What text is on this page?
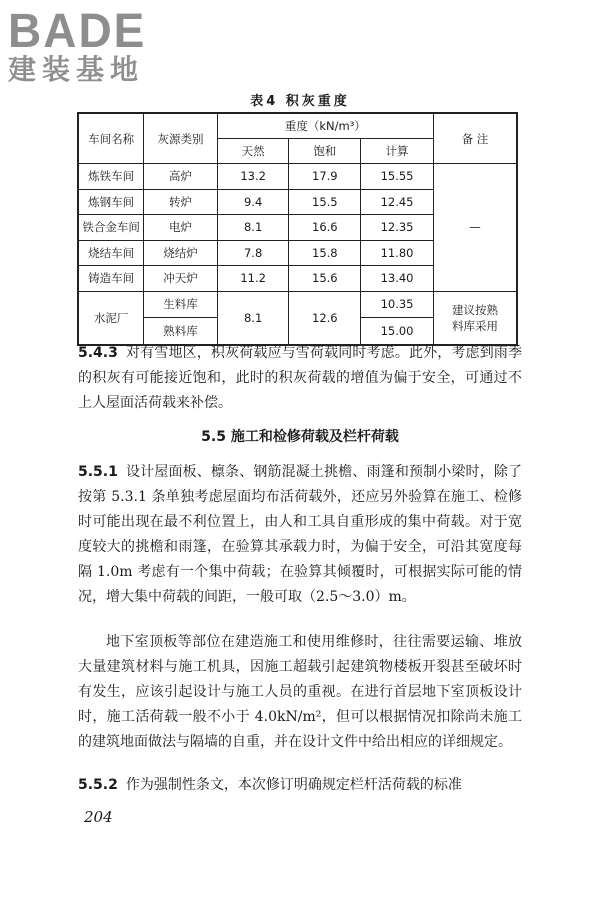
BADE
建装基地
表4 积灰重度
车间名称	灰源类别	重度（kN/m³）			备 注
		天然	饱和	计算	
炼铁车间	高炉	13.2	17.9	15.55	—
炼钢车间	转炉	9.4	15.5	12.45	
铁合金车间	电炉	8.1	16.6	12.35	
烧结车间	烧结炉	7.8	15.8	11.80	
铸造车间	冲天炉	11.2	15.6	13.40	
水泥厂	生料库	8.1	12.6	10.35	建议按熟
料库采用

	熟料库			15.00	

5.4.3 对有雪地区，积灰荷载应与雪荷载同时考虑。此外，考虑到雨季的积灰有可能接近饱和，此时的积灰荷载的增值为偏于安全，可通过不上人屋面活荷载来补偿。

5.5 施工和检修荷载及栏杆荷载

5.5.1 设计屋面板、檩条、钢筋混凝土挑檐、雨篷和预制小梁时，除了按第 5.3.1 条单独考虑屋面均布活荷载外，还应另外验算在施工、检修时可能出现在最不利位置上，由人和工具自重形成的集中荷载。对于宽度较大的挑檐和雨篷，在验算其承载力时，为偏于安全，可沿其宽度每隔 1.0m 考虑有一个集中荷载；在验算其倾覆时，可根据实际可能的情况，增大集中荷载的间距，一般可取（2.5～3.0）m。

地下室顶板等部位在建造施工和使用维修时，往往需要运输、堆放大量建筑材料与施工机具，因施工超载引起建筑物楼板开裂甚至破坏时有发生，应该引起设计与施工人员的重视。在进行首层地下室顶板设计时，施工活荷载一般不小于 4.0kN/m²，但可以根据情况扣除尚未施工的建筑地面做法与隔墙的自重，并在设计文件中给出相应的详细规定。

5.5.2 作为强制性条文，本次修订明确规定栏杆活荷载的标准

204
